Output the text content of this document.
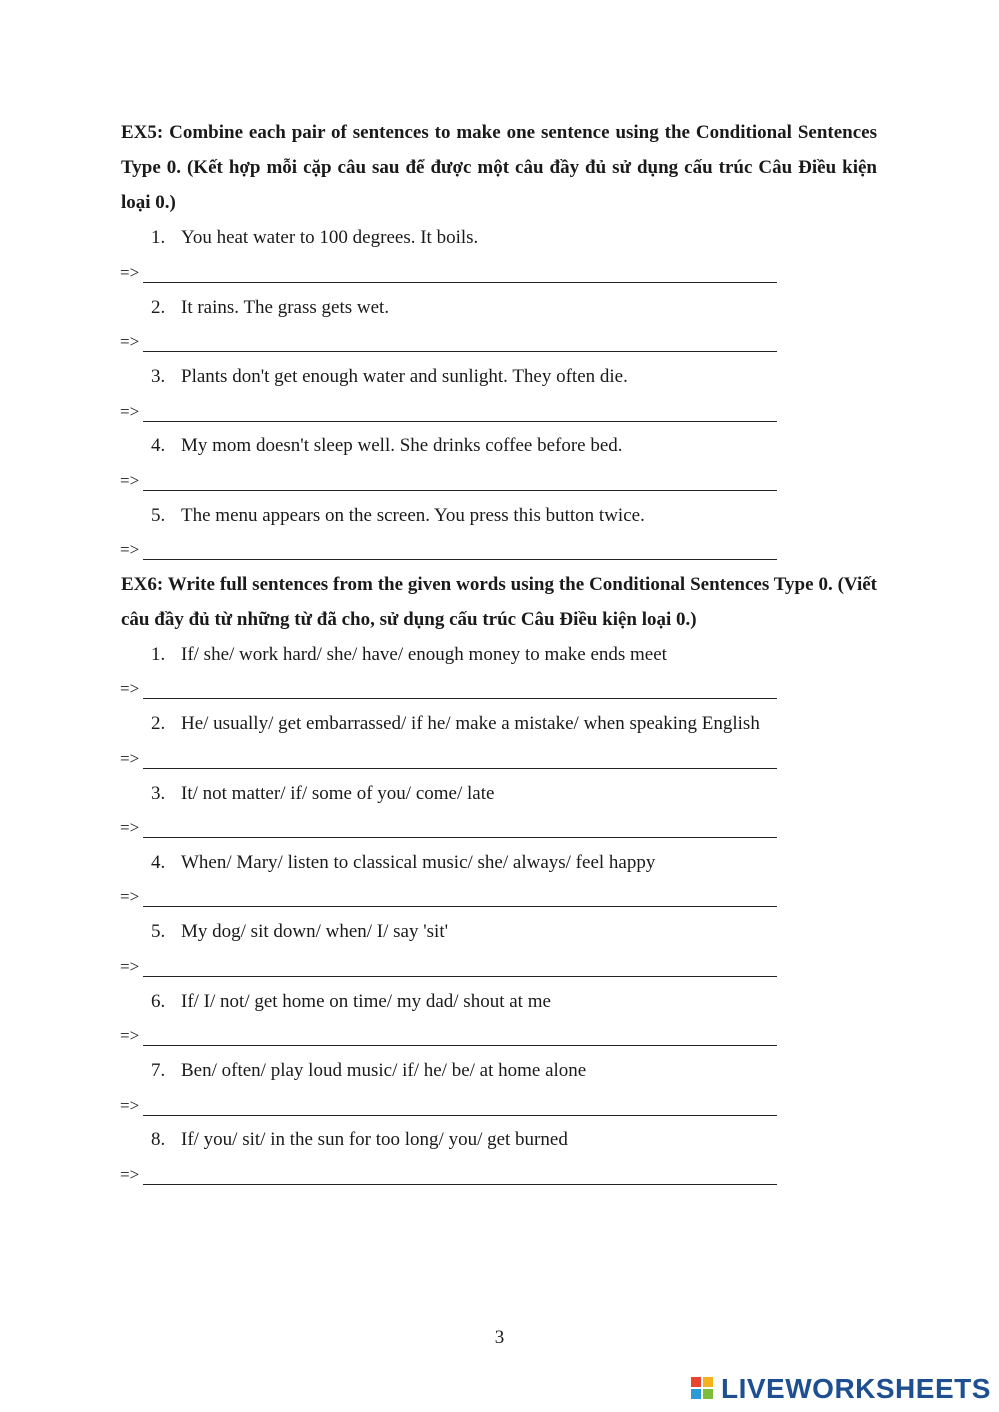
EX5: Combine each pair of sentences to make one sentence using the Conditional Sentences Type 0. (Kết hợp mỗi cặp câu sau để được một câu đầy đủ sử dụng cấu trúc Câu Điều kiện loại 0.)
1. You heat water to 100 degrees. It boils.
=>
2. It rains. The grass gets wet.
=>
3. Plants don't get enough water and sunlight. They often die.
=>
4. My mom doesn't sleep well. She drinks coffee before bed.
=>
5. The menu appears on the screen. You press this button twice.
=>
EX6: Write full sentences from the given words using the Conditional Sentences Type 0. (Viết câu đầy đủ từ những từ đã cho, sử dụng cấu trúc Câu Điều kiện loại 0.)
1. If/ she/ work hard/ she/ have/ enough money to make ends meet
=>
2. He/ usually/ get embarrassed/ if he/ make a mistake/ when speaking English
=>
3. It/ not matter/ if/ some of you/ come/ late
=>
4. When/ Mary/ listen to classical music/ she/ always/ feel happy
=>
5. My dog/ sit down/ when/ I/ say 'sit'
=>
6. If/ I/ not/ get home on time/ my dad/ shout at me
=>
7. Ben/ often/ play loud music/ if/ he/ be/ at home alone
=>
8. If/ you/ sit/ in the sun for too long/ you/ get burned
=>
3
LIVEWORKSHEETS
